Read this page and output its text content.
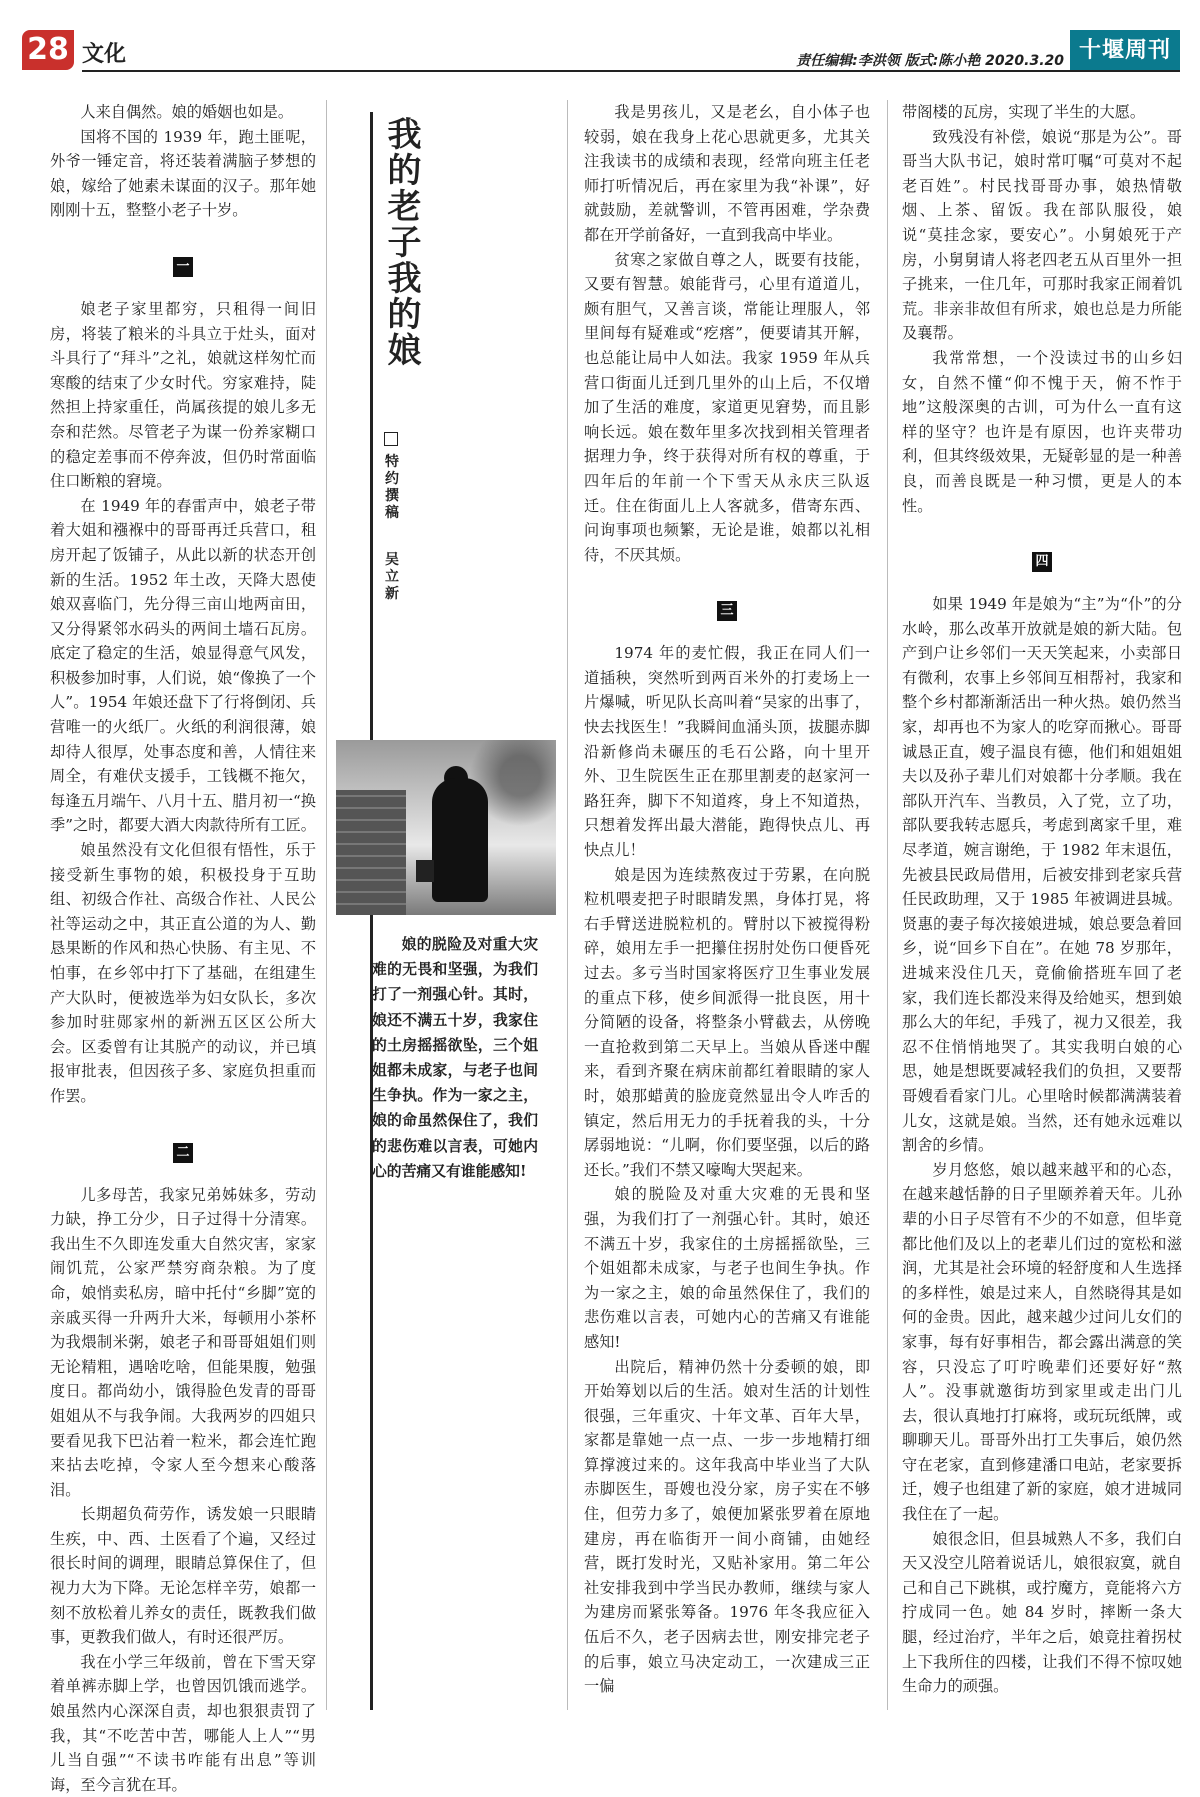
28 文化	责任编辑:李洪领 版式:陈小艳 2020.3.20 十堰周刊

人来自偶然。娘的婚姻也如是。

国将不国的 1939 年，跑土匪呢，外爷一锤定音，将还装着满脑子梦想的娘，嫁给了她素未谋面的汉子。那年她刚刚十五，整整小老子十岁。

一

娘老子家里都穷，只租得一间旧房，将装了粮米的斗具立于灶头，面对斗具行了“拜斗”之礼，娘就这样匆忙而寒酸的结束了少女时代。穷家难持，陡然担上持家重任，尚属孩提的娘儿多无奈和茫然。尽管老子为谋一份养家糊口的稳定差事而不停奔波，但仍时常面临住口断粮的窘境。

在 1949 年的春雷声中，娘老子带着大姐和襁褓中的哥哥再迁兵营口，租房开起了饭铺子，从此以新的状态开创新的生活。1952 年土改，天降大恩使娘双喜临门，先分得三亩山地两亩田，又分得紧邻水码头的两间土墙石瓦房。底定了稳定的生活，娘显得意气风发，积极参加时事，人们说，娘“像换了一个人”。1954 年娘还盘下了行将倒闭、兵营唯一的火纸厂。火纸的利润很薄，娘却待人很厚，处事态度和善，人情往来周全，有难伏支援手，工钱概不拖欠，每逢五月端午、八月十五、腊月初一“换季”之时，都要大酒大肉款待所有工匠。

娘虽然没有文化但很有悟性，乐于接受新生事物的娘，积极投身于互助组、初级合作社、高级合作社、人民公社等运动之中，其正直公道的为人、勤恳果断的作风和热心快肠、有主见、不怕事，在乡邻中打下了基础，在组建生产大队时，便被选举为妇女队长，多次参加时驻郧家州的新洲五区区公所大会。区委曾有让其脱产的动议，并已填报审批表，但因孩子多、家庭负担重而作罢。

二

儿多母苦，我家兄弟姊妹多，劳动力缺，挣工分少，日子过得十分清寒。我出生不久即连发重大自然灾害，家家闹饥荒，公家严禁穷商杂粮。为了度命，娘悄卖私房，暗中托付“乡脚”宽的亲戚买得一升两升大米，每顿用小茶杯为我煨制米粥，娘老子和哥哥姐姐们则无论精粗，遇啥吃啥，但能果腹，勉强度日。都尚幼小，饿得脸色发青的哥哥姐姐从不与我争闹。大我两岁的四姐只要看见我下巴沾着一粒米，都会连忙跑来拈去吃掉，令家人至今想来心酸落泪。

长期超负荷劳作，诱发娘一只眼睛生疾，中、西、土医看了个遍，又经过很长时间的调理，眼睛总算保住了，但视力大为下降。无论怎样辛劳，娘都一刻不放松着儿养女的责任，既教我们做事，更教我们做人，有时还很严厉。

我在小学三年级前，曾在下雪天穿着单裤赤脚上学，也曾因饥饿而逃学。娘虽然内心深深自责，却也狠狠责罚了我，其“不吃苦中苦，哪能人上人”“男儿当自强”“不读书咋能有出息”等训诲，至今言犹在耳。

我的老子我的娘
特约撰稿  吴立新

娘的脱险及对重大灾难的无畏和坚强，为我们打了一剂强心针。其时，娘还不满五十岁，我家住的土房摇摇欲坠，三个姐姐都未成家，与老子也间生争执。作为一家之主，娘的命虽然保住了，我们的悲伤难以言表，可她内心的苦痛又有谁能感知!

我是男孩儿，又是老幺，自小体子也较弱，娘在我身上花心思就更多，尤其关注我读书的成绩和表现，经常向班主任老师打听情况后，再在家里为我“补课”，好就鼓励，差就警训，不管再困难，学杂费都在开学前备好，一直到我高中毕业。

贫寒之家做自尊之人，既要有技能，又要有智慧。娘能背弓，心里有道道儿，颇有胆气，又善言谈，常能让理服人，邻里间每有疑难或“疙瘩”，便要请其开解，也总能让局中人如法。我家 1959 年从兵营口街面儿迁到几里外的山上后，不仅增加了生活的难度，家道更见窘势，而且影响长远。娘在数年里多次找到相关管理者据理力争，终于获得对所有权的尊重，于四年后的年前一个下雪天从永庆三队返迁。住在街面儿上人客就多，借寄东西、问询事项也频繁，无论是谁，娘都以礼相待，不厌其烦。

三

1974 年的麦忙假，我正在同人们一道插秧，突然听到两百米外的打麦场上一片爆喊，听见队长高叫着“吴家的出事了，快去找医生！”我瞬间血涌头顶，拔腿赤脚沿新修尚未碾压的毛石公路，向十里开外、卫生院医生正在那里割麦的赵家河一路狂奔，脚下不知道疼，身上不知道热，只想着发挥出最大潜能，跑得快点儿、再快点儿！

娘是因为连续熬夜过于劳累，在向脱粒机喂麦把子时眼睛发黑，身体打晃，将右手臂送进脱粒机的。臂肘以下被搅得粉碎，娘用左手一把攥住拐肘处伤口便昏死过去。多亏当时国家将医疗卫生事业发展的重点下移，使乡间派得一批良医，用十分简陋的设备，将整条小臂截去，从傍晚一直抢救到第二天早上。当娘从昏迷中醒来，看到齐聚在病床前都红着眼睛的家人时，娘那蜡黄的脸庞竟然显出令人咋舌的镇定，然后用无力的手抚着我的头，十分孱弱地说：“儿啊，你们要坚强，以后的路还长。”我们不禁又嚎啕大哭起来。

娘的脱险及对重大灾难的无畏和坚强，为我们打了一剂强心针。其时，娘还不满五十岁，我家住的土房摇摇欲坠，三个姐姐都未成家，与老子也间生争执。作为一家之主，娘的命虽然保住了，我们的悲伤难以言表，可她内心的苦痛又有谁能感知!

出院后，精神仍然十分委顿的娘，即开始筹划以后的生活。娘对生活的计划性很强，三年重灾、十年文革、百年大旱，家都是靠她一点一点、一步一步地精打细算撑渡过来的。这年我高中毕业当了大队赤脚医生，哥嫂也没分家，房子实在不够住，但劳力多了，娘便加紧张罗着在原地建房，再在临街开一间小商铺，由她经营，既打发时光，又贴补家用。第二年公社安排我到中学当民办教师，继续与家人为建房而紧张筹备。1976 年冬我应征入伍后不久，老子因病去世，刚安排完老子的后事，娘立马决定动工，一次建成三正一偏

带阁楼的瓦房，实现了半生的大愿。

致残没有补偿，娘说“那是为公”。哥哥当大队书记，娘时常叮嘱“可莫对不起老百姓”。村民找哥哥办事，娘热情敬烟、上茶、留饭。我在部队服役，娘说“莫挂念家，要安心”。小舅娘死于产房，小舅舅请人将老四老五从百里外一担子挑来，一住几年，可那时我家正闹着饥荒。非亲非故但有所求，娘也总是力所能及襄帮。

我常常想，一个没读过书的山乡妇女，自然不懂“仰不愧于天，俯不怍于地”这般深奥的古训，可为什么一直有这样的坚守？也许是有原因，也许夹带功利，但其终级效果，无疑彰显的是一种善良，而善良既是一种习惯，更是人的本性。

四

如果 1949 年是娘为“主”为“仆”的分水岭，那么改革开放就是娘的新大陆。包产到户让乡邻们一天天笑起来，小卖部日有微利，农事上乡邻间互相帮衬，我家和整个乡村都渐渐活出一种火热。娘仍然当家，却再也不为家人的吃穿而揪心。哥哥诚恳正直，嫂子温良有德，他们和姐姐姐夫以及孙子辈儿们对娘都十分孝顺。我在部队开汽车、当教员，入了党，立了功，部队要我转志愿兵，考虑到离家千里，难尽孝道，婉言谢绝，于 1982 年末退伍，先被县民政局借用，后被安排到老家兵营任民政助理，又于 1985 年被调进县城。贤惠的妻子每次接娘进城，娘总要急着回乡，说“回乡下自在”。在她 78 岁那年，进城来没住几天，竟偷偷搭班车回了老家，我们连长都没来得及给她买，想到娘那么大的年纪，手残了，视力又很差，我忍不住悄悄地哭了。其实我明白娘的心思，她是想既要减轻我们的负担，又要帮哥嫂看看家门儿。心里啥时候都满满装着儿女，这就是娘。当然，还有她永远难以割舍的乡情。

岁月悠悠，娘以越来越平和的心态，在越来越恬静的日子里颐养着天年。儿孙辈的小日子尽管有不少的不如意，但毕竟都比他们及以上的老辈儿们过的宽松和滋润，尤其是社会环境的轻舒度和人生选择的多样性，娘是过来人，自然晓得其是如何的金贵。因此，越来越少过问儿女们的家事，每有好事相告，都会露出满意的笑容，只没忘了叮咛晚辈们还要好好“熬人”。没事就邀街坊到家里或走出门儿去，很认真地打打麻将，或玩玩纸牌，或聊聊天儿。哥哥外出打工失事后，娘仍然守在老家，直到修建潘口电站，老家要拆迁，嫂子也组建了新的家庭，娘才进城同我住在了一起。

娘很念旧，但县城熟人不多，我们白天又没空儿陪着说话儿，娘很寂寞，就自己和自己下跳棋，或拧魔方，竟能将六方拧成同一色。她 84 岁时，摔断一条大腿，经过治疗，半年之后，娘竟拄着拐杖上下我所住的四楼，让我们不得不惊叹她生命力的顽强。
